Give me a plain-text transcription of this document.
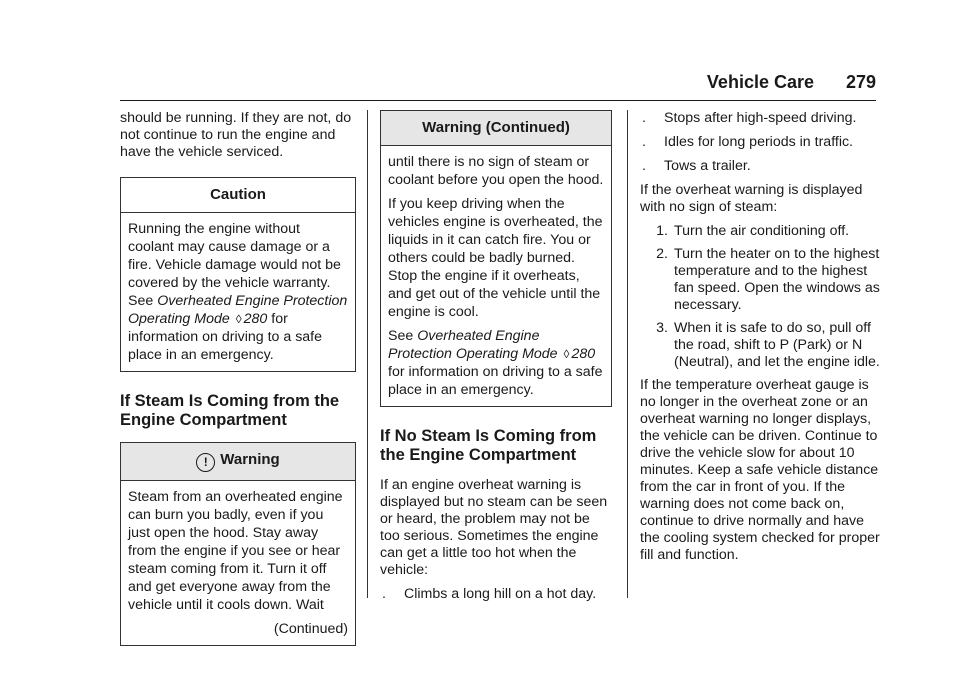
Vehicle Care 279

should be running. If they are not, do not continue to run the engine and have the vehicle serviced.

Caution

Running the engine without coolant may cause damage or a fire. Vehicle damage would not be covered by the vehicle warranty.
See Overheated Engine Protection Operating Mode ◊ 280 for information on driving to a safe place in an emergency.

If Steam Is Coming from the Engine Compartment
! Warning

Steam from an overheated engine can burn you badly, even if you just open the hood. Stay away from the engine if you see or hear steam coming from it. Turn it off and get everyone away from the vehicle until it cools down. Wait

(Continued)
Warning (Continued)

until there is no sign of steam or coolant before you open the hood.

If you keep driving when the vehicles engine is overheated, the liquids in it can catch fire. You or others could be badly burned. Stop the engine if it overheats, and get out of the vehicle until the engine is cool.

See Overheated Engine Protection Operating Mode ◊ 280 for information on driving to a safe place in an emergency.

If No Steam Is Coming from the Engine Compartment

If an engine overheat warning is displayed but no steam can be seen or heard, the problem may not be too serious. Sometimes the engine can get a little too hot when the vehicle:

.	Climbs a long hill on a hot day.
.	Stops after high-speed driving.
.	Idles for long periods in traffic.
.	Tows a trailer.

If the overheat warning is displayed with no sign of steam:

1. Turn the air conditioning off.
2. Turn the heater on to the highest temperature and to the highest fan speed. Open the windows as necessary.
3. When it is safe to do so, pull off the road, shift to P (Park) or N (Neutral), and let the engine idle.

If the temperature overheat gauge is no longer in the overheat zone or an overheat warning no longer displays, the vehicle can be driven. Continue to drive the vehicle slow for about 10 minutes. Keep a safe vehicle distance from the car in front of you. If the warning does not come back on, continue to drive normally and have the cooling system checked for proper fill and function.
